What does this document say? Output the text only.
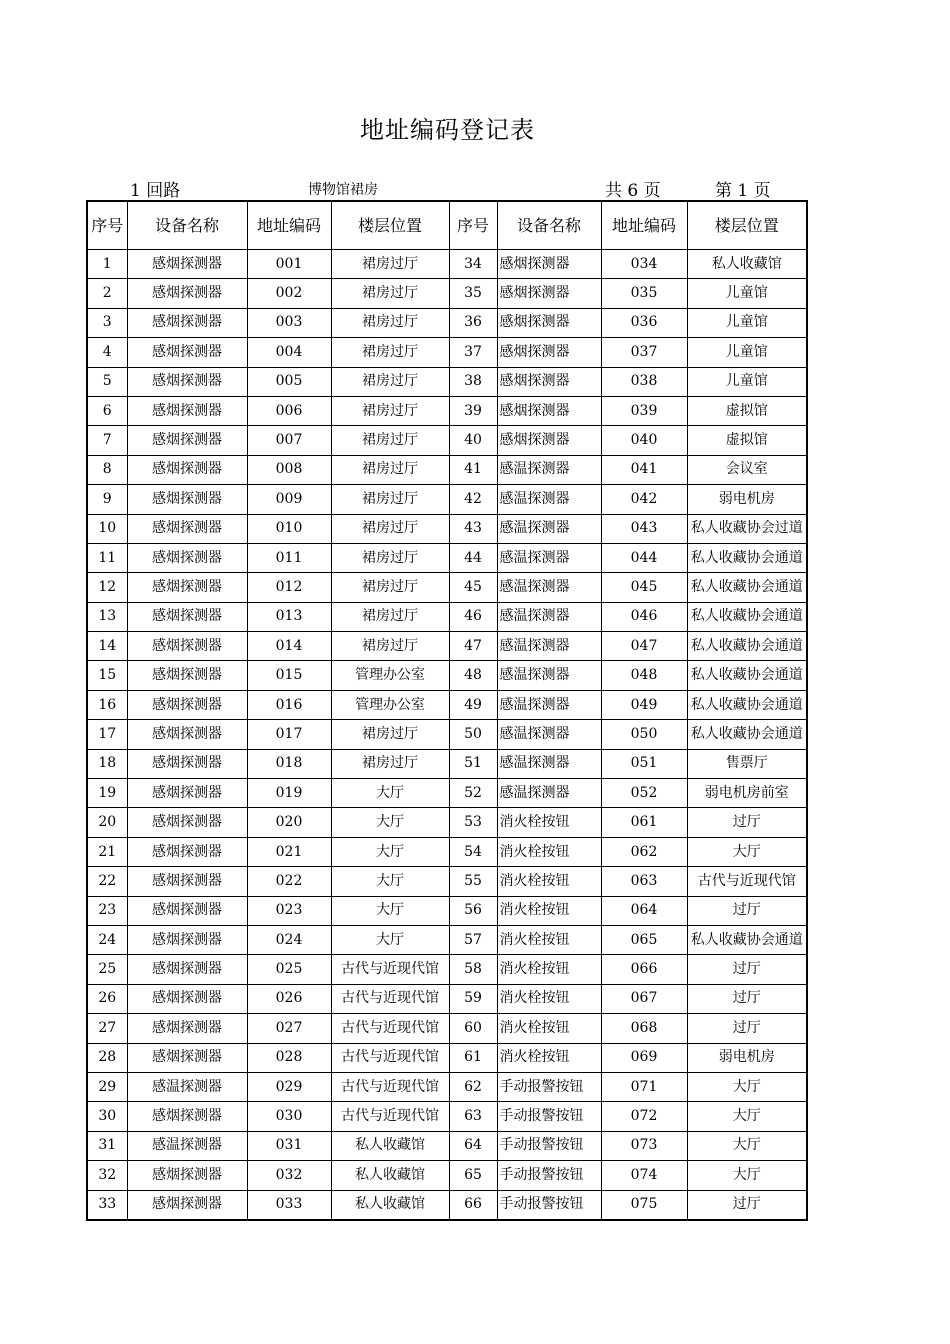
地址编码登记表
1 回路	博物馆裙房	共 6 页	第 1 页
序号	设备名称	地址编码	楼层位置	序号	设备名称	地址编码	楼层位置
1	感烟探测器	001	裙房过厅	34	感烟探测器	034	私人收藏馆
2	感烟探测器	002	裙房过厅	35	感烟探测器	035	儿童馆
3	感烟探测器	003	裙房过厅	36	感烟探测器	036	儿童馆
4	感烟探测器	004	裙房过厅	37	感烟探测器	037	儿童馆
5	感烟探测器	005	裙房过厅	38	感烟探测器	038	儿童馆
6	感烟探测器	006	裙房过厅	39	感烟探测器	039	虚拟馆
7	感烟探测器	007	裙房过厅	40	感烟探测器	040	虚拟馆
8	感烟探测器	008	裙房过厅	41	感温探测器	041	会议室
9	感烟探测器	009	裙房过厅	42	感温探测器	042	弱电机房
10	感烟探测器	010	裙房过厅	43	感温探测器	043	私人收藏协会过道
11	感烟探测器	011	裙房过厅	44	感温探测器	044	私人收藏协会通道
12	感烟探测器	012	裙房过厅	45	感温探测器	045	私人收藏协会通道
13	感烟探测器	013	裙房过厅	46	感温探测器	046	私人收藏协会通道
14	感烟探测器	014	裙房过厅	47	感温探测器	047	私人收藏协会通道
15	感烟探测器	015	管理办公室	48	感温探测器	048	私人收藏协会通道
16	感烟探测器	016	管理办公室	49	感温探测器	049	私人收藏协会通道
17	感烟探测器	017	裙房过厅	50	感温探测器	050	私人收藏协会通道
18	感烟探测器	018	裙房过厅	51	感温探测器	051	售票厅
19	感烟探测器	019	大厅	52	感温探测器	052	弱电机房前室
20	感烟探测器	020	大厅	53	消火栓按钮	061	过厅
21	感烟探测器	021	大厅	54	消火栓按钮	062	大厅
22	感烟探测器	022	大厅	55	消火栓按钮	063	古代与近现代馆
23	感烟探测器	023	大厅	56	消火栓按钮	064	过厅
24	感烟探测器	024	大厅	57	消火栓按钮	065	私人收藏协会通道
25	感烟探测器	025	古代与近现代馆	58	消火栓按钮	066	过厅
26	感烟探测器	026	古代与近现代馆	59	消火栓按钮	067	过厅
27	感烟探测器	027	古代与近现代馆	60	消火栓按钮	068	过厅
28	感烟探测器	028	古代与近现代馆	61	消火栓按钮	069	弱电机房
29	感温探测器	029	古代与近现代馆	62	手动报警按钮	071	大厅
30	感烟探测器	030	古代与近现代馆	63	手动报警按钮	072	大厅
31	感温探测器	031	私人收藏馆	64	手动报警按钮	073	大厅
32	感烟探测器	032	私人收藏馆	65	手动报警按钮	074	大厅
33	感烟探测器	033	私人收藏馆	66	手动报警按钮	075	过厅
